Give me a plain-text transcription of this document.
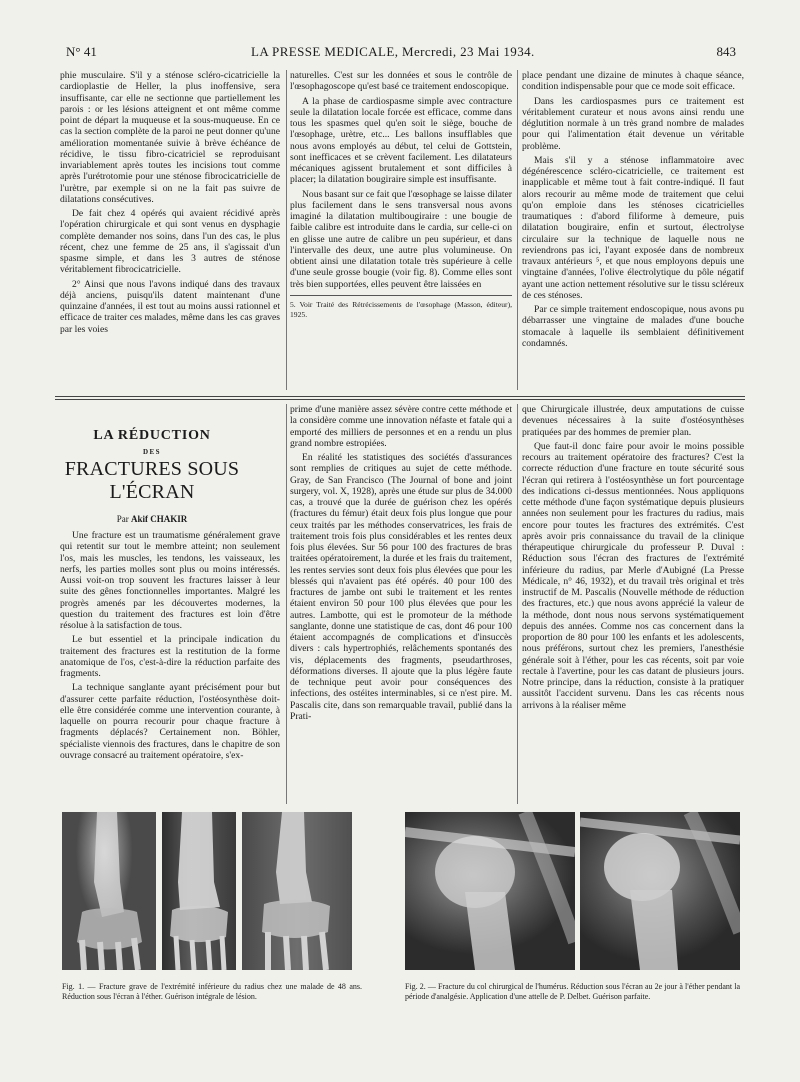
N° 41	LA PRESSE MEDICALE, Mercredi, 23 Mai 1934.	843

phie musculaire. S'il y a sténose scléro-cicatricielle la cardioplastie de Heller, la plus inoffensive, sera insuffisante, car elle ne sectionne que partiellement les parois : or les lésions atteignent et ont même comme point de départ la muqueuse et la sous-muqueuse. En ce cas la section complète de la paroi ne peut donner qu'une amélioration momentanée suivie à brève échéance de récidive, le tissu fibro-cicatriciel se reproduisant invariablement après toutes les incisions tout comme après l'urétrotomie pour une sténose fibrocicatricielle de l'urètre, par exemple si on ne la fait pas suivre de dilatations consécutives.

De fait chez 4 opérés qui avaient récidivé après l'opération chirurgicale et qui sont venus en dysphagie complète demander nos soins, dans l'un des cas, le plus récent, chez une femme de 25 ans, il s'agissait d'un spasme simple, et dans les 3 autres de sténose véritablement fibrocicatricielle.

2° Ainsi que nous l'avons indiqué dans des travaux déjà anciens, puisqu'ils datent maintenant d'une quinzaine d'années, il est tout au moins aussi rationnel et efficace de traiter ces malades, même dans les cas graves par les voies

naturelles. C'est sur les données et sous le contrôle de l'œsophagoscope qu'est basé ce traitement endoscopique.

A la phase de cardiospasme simple avec contracture seule la dilatation locale forcée est efficace, comme dans tous les spasmes quel qu'en soit le siège, bouche de l'œsophage, urètre, etc... Les ballons insufflables que nous avons employés au début, tel celui de Gottstein, sont inefficaces et se crèvent facilement. Les dilatateurs mécaniques agissent brutalement et sont difficiles à placer; la dilatation bougiraire simple est insuffisante.

Nous basant sur ce fait que l'œsophage se laisse dilater plus facilement dans le sens transversal nous avons imaginé la dilatation multibougiraire : une bougie de faible calibre est introduite dans le cardia, sur celle-ci on en glisse une autre de calibre un peu supérieur, et dans l'intervalle des deux, une autre plus volumineuse. On obtient ainsi une dilatation totale très supérieure à celle d'une seule grosse bougie (voir fig. 8). Comme elles sont très bien supportées, elles peuvent être laissées en

5. Voir Traité des Rétrécissements de l'œsophage (Masson, éditeur), 1925.

place pendant une dizaine de minutes à chaque séance, condition indispensable pour que ce mode soit efficace.

Dans les cardiospasmes purs ce traitement est véritablement curateur et nous avons ainsi rendu une déglutition normale à un très grand nombre de malades pour qui l'alimentation était devenue un véritable problème.

Mais s'il y a sténose inflammatoire avec dégénérescence scléro-cicatricielle, ce traitement est inapplicable et même tout à fait contre-indiqué. Il faut alors recourir au même mode de traitement que celui qu'on emploie dans les sténoses cicatricielles traumatiques : d'abord filiforme à demeure, puis dilatation bougiraire, enfin et surtout, électrolyse circulaire sur la technique de laquelle nous ne reviendrons pas ici, l'ayant exposée dans de nombreux travaux antérieurs ⁵, et que nous employons depuis une vingtaine d'années, l'olive électrolytique du pôle négatif ayant une action nettement résolutive sur le tissu scléreux de ces sténoses.

Par ce simple traitement endoscopique, nous avons pu débarrasser une vingtaine de malades d'une bouche stomacale à laquelle ils semblaient définitivement condamnés.

LA RÉDUCTION
DES
FRACTURES SOUS L'ÉCRAN
Par Akif CHAKIR

Une fracture est un traumatisme généralement grave qui retentit sur tout le membre atteint; non seulement l'os, mais les muscles, les tendons, les vaisseaux, les nerfs, les parties molles sont plus ou moins intéressés. Aussi voit-on trop souvent les fractures laisser à leur suite des gênes fonctionnelles importantes. Malgré les progrès amenés par les découvertes modernes, la question du traitement des fractures est loin d'être résolue à la satisfaction de tous.

Le but essentiel et la principale indication du traitement des fractures est la restitution de la forme anatomique de l'os, c'est-à-dire la réduction parfaite des fragments.

La technique sanglante ayant précisément pour but d'assurer cette parfaite réduction, l'ostéosynthèse doit-elle être considérée comme une intervention courante, à laquelle on pourra recourir pour chaque fracture à fragments déplacés? Certainement non. Böhler, spécialiste viennois des fractures, dans le chapitre de son ouvrage consacré au traitement opératoire, s'ex-

prime d'une manière assez sévère contre cette méthode et la considère comme une innovation néfaste et fatale qui a emporté des milliers de personnes et en a rendu un plus grand nombre estropiées.

En réalité les statistiques des sociétés d'assurances sont remplies de critiques au sujet de cette méthode. Gray, de San Francisco (The Journal of bone and joint surgery, vol. X, 1928), après une étude sur plus de 34.000 cas, a trouvé que la durée de guérison chez les opérés (fractures du fémur) était deux fois plus longue que pour ceux traités par les méthodes conservatrices, les frais de traitement trois fois plus considérables et les rentes deux fois plus élevées. Sur 56 pour 100 des fractures de bras traitées opératoirement, la durée et les frais du traitement, les rentes servies sont deux fois plus élevées que pour les blessés qui n'avaient pas été opérés. 40 pour 100 des fractures de jambe ont subi le traitement et les rentes étaient environ 50 pour 100 plus élevées que pour les autres. Lambotte, qui est le promoteur de la méthode sanglante, donne une statistique de cas, dont 46 pour 100 étaient accompagnés de complications et d'insuccès divers : cals hypertrophiés, relâchements spontanés des vis, déplacements des fragments, pseudarthroses, déformations diverses. Il ajoute que la plus légère faute de technique peut avoir pour conséquences des infections, des ostéites interminables, si ce n'est pire. M. Pascalis cite, dans son remarquable travail, publié dans la Prati-

que Chirurgicale illustrée, deux amputations de cuisse devenues nécessaires à la suite d'ostéosynthèses pratiquées par des hommes de premier plan.

Que faut-il donc faire pour avoir le moins possible recours au traitement opératoire des fractures? C'est la correcte réduction d'une fracture en toute sécurité sous l'écran qui retirera à l'ostéosynthèse un fort pourcentage des indications ci-dessus mentionnées. Nous appliquons cette méthode d'une façon systématique depuis plusieurs années non seulement pour les fractures du radius, mais encore pour toutes les fractures des extrémités. C'est après avoir pris connaissance du travail de la clinique thérapeutique chirurgicale du professeur P. Duval : Réduction sous l'écran des fractures de l'extrémité inférieure du radius, par Merle d'Aubigné (La Presse Médicale, n° 46, 1932), et du travail très original et très instructif de M. Pascalis (Nouvelle méthode de réduction des fractures, etc.) que nous avons apprécié la valeur de la méthode, dont nous nous servons systématiquement depuis des années. Comme nos cas concernent dans la proportion de 80 pour 100 les enfants et les adolescents, nous préférons, surtout chez les premiers, l'anesthésie générale soit à l'éther, pour les cas récents, soit par voie rectale à l'avertine, pour les cas datant de plusieurs jours. Notre principe, dans la réduction, consiste à la pratiquer aussitôt l'accident survenu. Dans les cas récents nous arrivons à la réaliser même

Fig. 1. — Fracture grave de l'extrémité inférieure du radius chez une malade de 48 ans. Réduction sous l'écran à l'éther. Guérison intégrale de lésion.
Fig. 2. — Fracture du col chirurgical de l'humérus. Réduction sous l'écran au 2e jour à l'éther pendant la période d'analgésie. Application d'une attelle de P. Delbet. Guérison parfaite.
